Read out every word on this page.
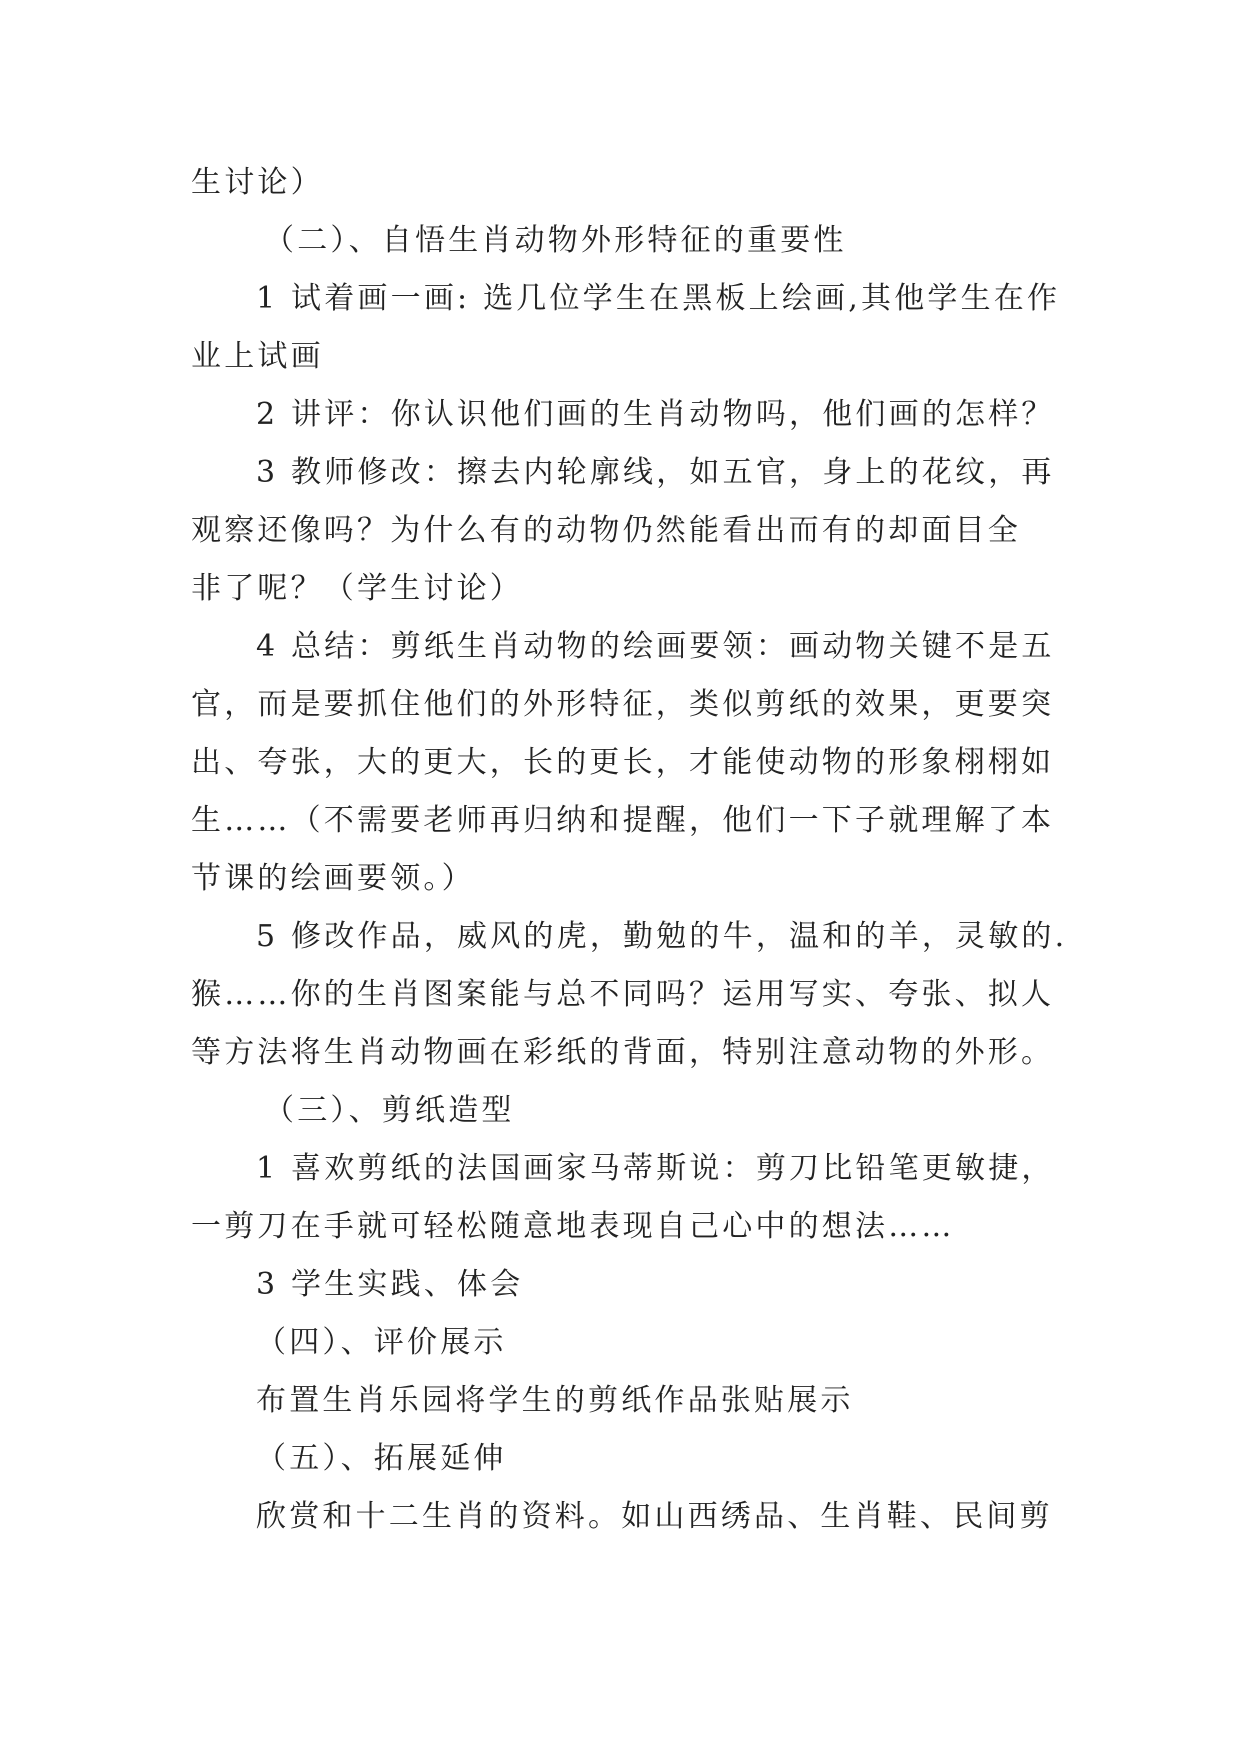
生讨论）
（二）、自悟生肖动物外形特征的重要性
1 试着画一画: 选几位学生在黑板上绘画,其他学生在作
业上试画
2 讲评：你认识他们画的生肖动物吗，他们画的怎样？
3 教师修改：擦去内轮廓线，如五官，身上的花纹，再
观察还像吗？为什么有的动物仍然能看出而有的却面目全
非了呢？（学生讨论）
4 总结：剪纸生肖动物的绘画要领：画动物关键不是五
官，而是要抓住他们的外形特征，类似剪纸的效果，更要突
出、夸张，大的更大，长的更长，才能使动物的形象栩栩如
生……（不需要老师再归纳和提醒，他们一下子就理解了本
节课的绘画要领。）
5 修改作品，威风的虎，勤勉的牛，温和的羊，灵敏的.
猴……你的生肖图案能与总不同吗？运用写实、夸张、拟人
等方法将生肖动物画在彩纸的背面，特别注意动物的外形。
（三）、剪纸造型
1 喜欢剪纸的法国画家马蒂斯说：剪刀比铅笔更敏捷，
一剪刀在手就可轻松随意地表现自己心中的想法……
3 学生实践、体会
（四）、评价展示
布置生肖乐园将学生的剪纸作品张贴展示
（五）、拓展延伸
欣赏和十二生肖的资料。如山西绣品、生肖鞋、民间剪
